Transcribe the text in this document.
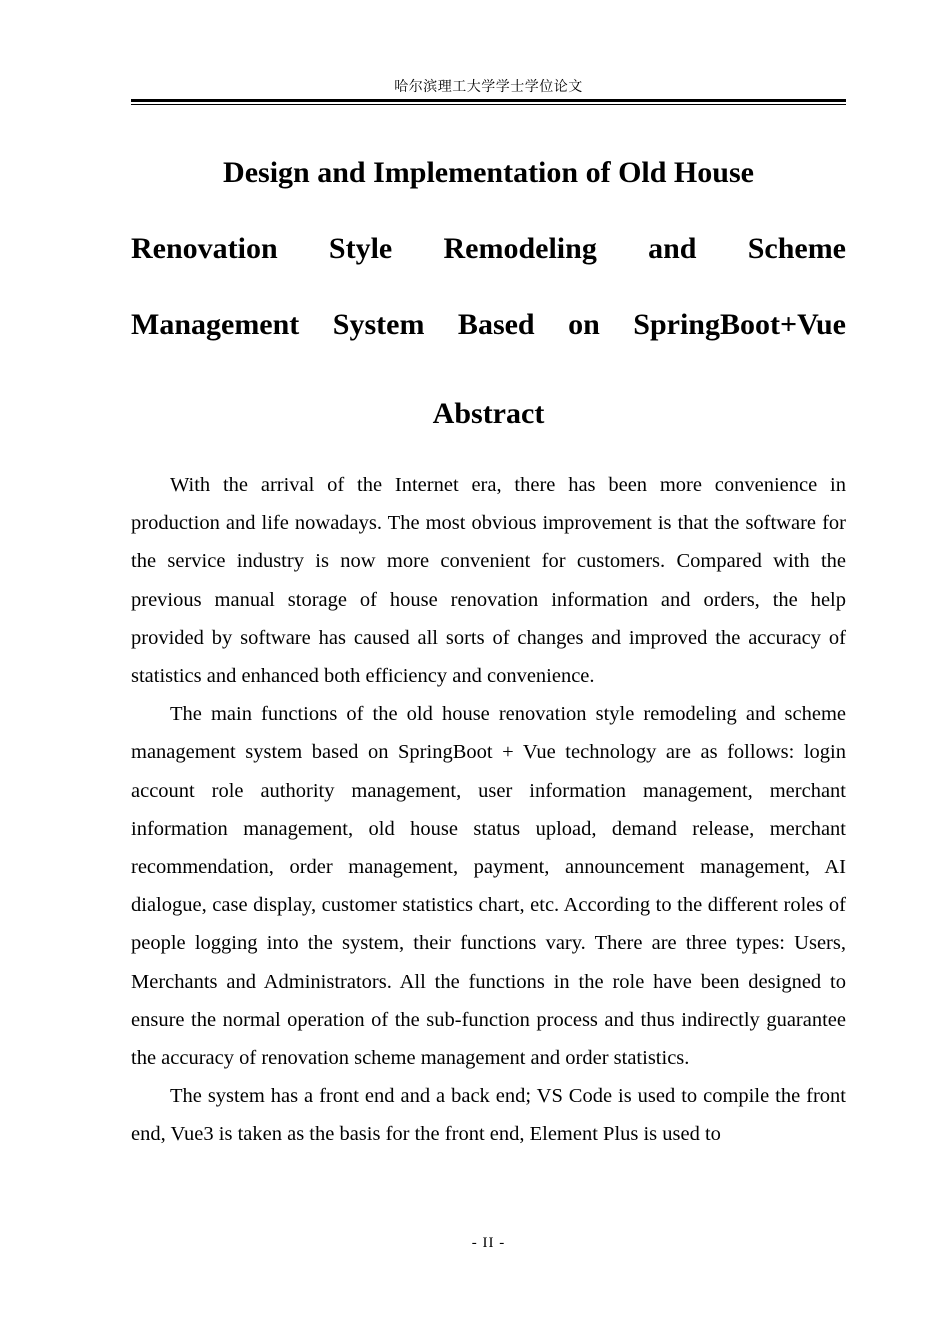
哈尔滨理工大学学士学位论文
Design and Implementation of Old House
Renovation Style Remodeling and Scheme
Management System Based on SpringBoot+Vue
Abstract

With the arrival of the Internet era, there has been more convenience in production and life nowadays. The most obvious improvement is that the software for the service industry is now more convenient for customers. Compared with the previous manual storage of house renovation information and orders, the help provided by software has caused all sorts of changes and improved the accuracy of statistics and enhanced both efficiency and convenience.

The main functions of the old house renovation style remodeling and scheme management system based on SpringBoot + Vue technology are as follows: login account role authority management, user information management, merchant information management, old house status upload, demand release, merchant recommendation, order management, payment, announcement management, AI dialogue, case display, customer statistics chart, etc. According to the different roles of people logging into the system, their functions vary. There are three types: Users, Merchants and Administrators. All the functions in the role have been designed to ensure the normal operation of the sub-function process and thus indirectly guarantee the accuracy of renovation scheme management and order statistics.

The system has a front end and a back end; VS Code is used to compile the front end, Vue3 is taken as the basis for the front end, Element Plus is used to

- II -
